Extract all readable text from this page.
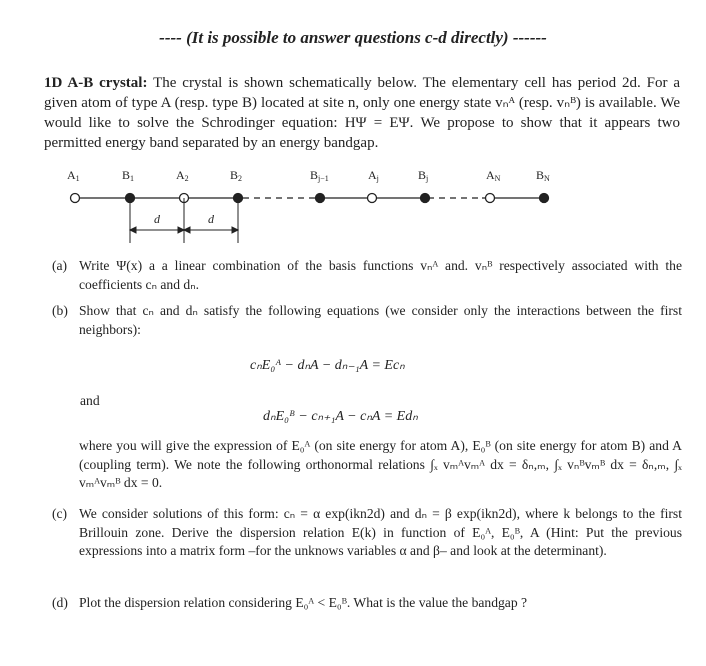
---- (It is possible to answer questions c-d directly) ------
1D A-B crystal: The crystal is shown schematically below. The elementary cell has period 2d. For a given atom of type A (resp. type B) located at site n, only one energy state vₙᴬ (resp. vₙᴮ) is available. We would like to solve the Schrodinger equation: HΨ = EΨ. We propose to show that it appears two permitted energy band separated by an energy bandgap.
A1	B1	A2	B2	Bj−1	Aj	Bj	AN	BN
d	d
(a) Write Ψ(x) a a linear combination of the basis functions vₙᴬ and. vₙᴮ respectively associated with the coefficients cₙ and dₙ.
(b) Show that cₙ and dₙ satisfy the following equations (we consider only the interactions between the first neighbors):
cₙE₀ᴬ − dₙA − dₙ₋₁A = Ecₙ
and
dₙE₀ᴮ − cₙ₊₁A − cₙA = Edₙ
where you will give the expression of E₀ᴬ (on site energy for atom A), E₀ᴮ (on site energy for atom B) and A (coupling term). We note the following orthonormal relations ∫ₓ vₘᴬvₘᴬ dx = δₙ,ₘ, ∫ₓ vₙᴮvₘᴮ dx = δₙ,ₘ, ∫ₓ vₘᴬvₘᴮ dx = 0.
(c) We consider solutions of this form: cₙ = α exp(ikn2d) and dₙ = β exp(ikn2d), where k belongs to the first Brillouin zone. Derive the dispersion relation E(k) in function of E₀ᴬ, E₀ᴮ, A (Hint: Put the previous expressions into a matrix form –for the unknows variables α and β– and look at the determinant).
(d) Plot the dispersion relation considering E₀ᴬ < E₀ᴮ. What is the value the bandgap ?
